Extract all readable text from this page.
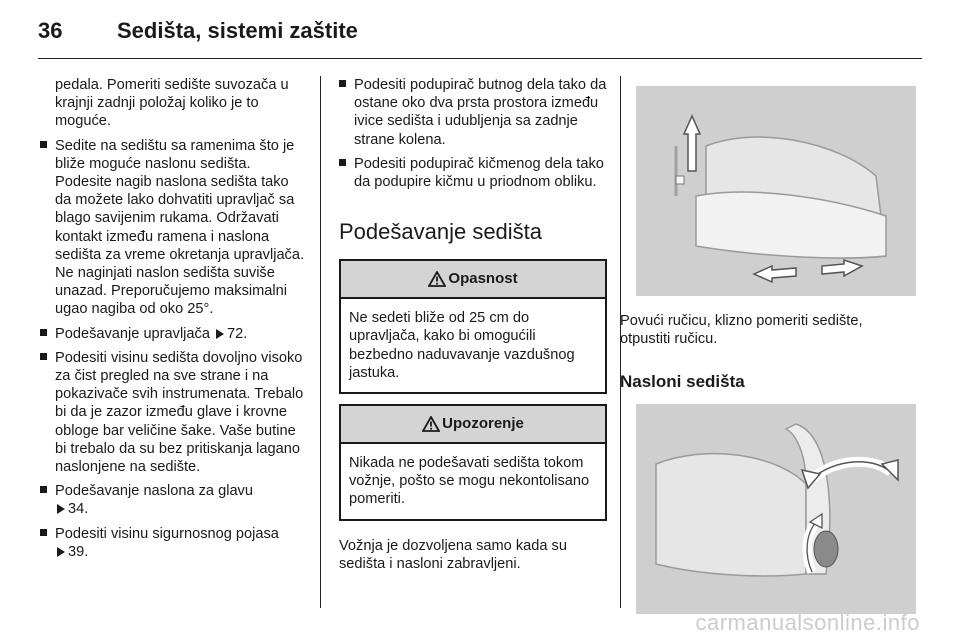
36 Sedišta, sistemi zaštite

pedala. Pomeriti sedište suvozača u krajnji zadnji položaj koliko je to moguće.

Sedite na sedištu sa ramenima što je bliže moguće naslonu sedišta. Podesite nagib naslona sedišta tako da možete lako dohvatiti upravljač sa blago savijenim rukama. Održavati kontakt između ramena i naslona sedišta za vreme okretanja upravljača. Ne naginjati naslon sedišta suviše unazad. Preporučujemo maksimalni ugao nagiba od oko 25°.
Podešavanje upravljača 72.
Podesiti visinu sedišta dovoljno visoko za čist pregled na sve strane i na pokazivače svih instrumenata. Trebalo bi da je zazor između glave i krovne obloge bar veličine šake. Vaše butine bi trebalo da su bez pritiskanja lagano naslonjene na sedište.
Podešavanje naslona za glavu
34.
Podesiti visinu sigurnosnog pojasa
39.
Podesiti podupirač butnog dela tako da ostane oko dva prsta prostora između ivice sedišta i udubljenja sa zadnje strane kolena.
Podesiti podupirač kičmenog dela tako da podupire kičmu u priodnom obliku.
Podešavanje sedišta
Opasnost
Ne sedeti bliže od 25 cm do upravljača, kako bi omogućili bezbedno naduvavanje vazdušnog jastuka.
Upozorenje
Nikada ne podešavati sedišta tokom vožnje, pošto se mogu nekontolisano pomeriti.

Vožnja je dozvoljena samo kada su sedišta i nasloni zabravljeni.

Povući ručicu, klizno pomeriti sedište, otpustiti ručicu.

Nasloni sedišta
carmanualsonline.info
